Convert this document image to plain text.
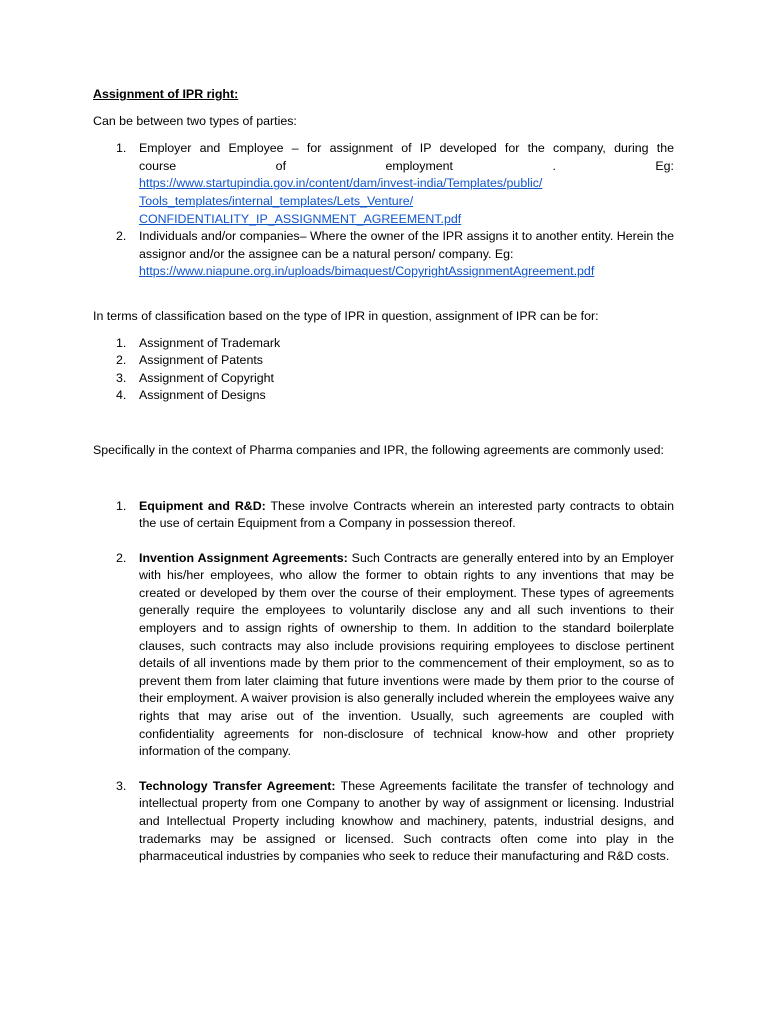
Assignment of IPR right:

Can be between two types of parties:

1. Employer and Employee – for assignment of IP developed for the company, during the
course of employment . Eg:
https://www.startupindia.gov.in/content/dam/invest-india/Templates/public/
Tools_templates/internal_templates/Lets_Venture/
CONFIDENTIALITY_IP_ASSIGNMENT_AGREEMENT.pdf
2. Individuals and/or companies– Where the owner of the IPR assigns it to another entity. Herein the assignor and/or the assignee can be a natural person/ company. Eg:
https://www.niapune.org.in/uploads/bimaquest/CopyrightAssignmentAgreement.pdf

In terms of classification based on the type of IPR in question, assignment of IPR can be for:

1. Assignment of Trademark
2. Assignment of Patents
3. Assignment of Copyright
4. Assignment of Designs

Specifically in the context of Pharma companies and IPR, the following agreements are commonly used:

1. Equipment and R&D: These involve Contracts wherein an interested party contracts to obtain the use of certain Equipment from a Company in possession thereof.
2. Invention Assignment Agreements: Such Contracts are generally entered into by an Employer with his/her employees, who allow the former to obtain rights to any inventions that may be created or developed by them over the course of their employment. These types of agreements generally require the employees to voluntarily disclose any and all such inventions to their employers and to assign rights of ownership to them. In addition to the standard boilerplate clauses, such contracts may also include provisions requiring employees to disclose pertinent details of all inventions made by them prior to the commencement of their employment, so as to prevent them from later claiming that future inventions were made by them prior to the course of their employment. A waiver provision is also generally included wherein the employees waive any rights that may arise out of the invention. Usually, such agreements are coupled with confidentiality agreements for non-disclosure of technical know-how and other propriety information of the company.
3. Technology Transfer Agreement: These Agreements facilitate the transfer of technology and intellectual property from one Company to another by way of assignment or licensing. Industrial and Intellectual Property including knowhow and machinery, patents, industrial designs, and trademarks may be assigned or licensed. Such contracts often come into play in the pharmaceutical industries by companies who seek to reduce their manufacturing and R&D costs.
